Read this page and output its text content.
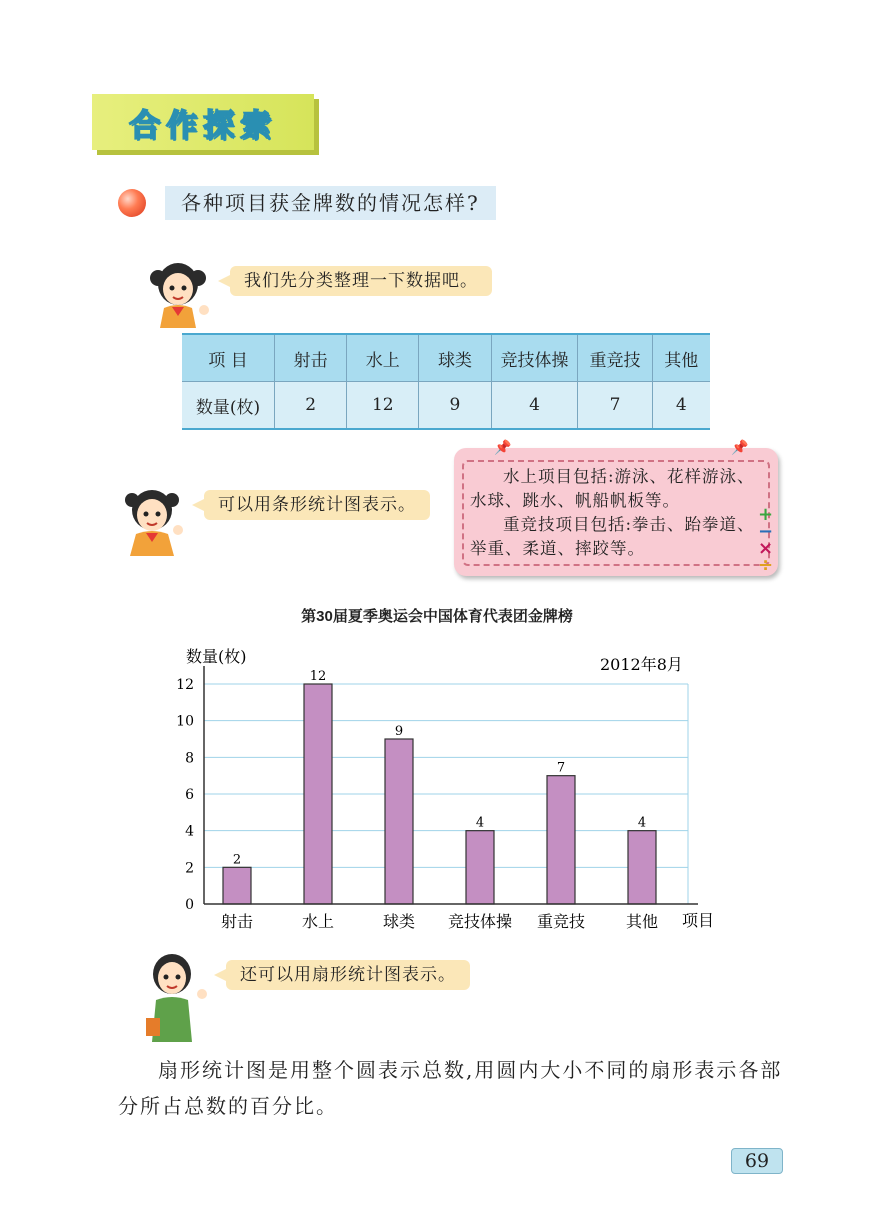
合作探索
各种项目获金牌数的情况怎样?
我们先分类整理一下数据吧。
项 目	射击	水上	球类	竞技体操	重竞技	其他
数量(枚)	2	12	9	4	7	4
可以用条形统计图表示。

水上项目包括:游泳、花样游泳、水球、跳水、帆船帆板等。

重竞技项目包括:拳击、跆拳道、举重、柔道、摔跤等。

📌	📌
+
−
×
÷
第30届夏季奥运会中国体育代表团金牌榜
0
2
4
6
8
10
12
2
射击
12
水上
9
球类
4
竞技体操
7
重竞技
4
其他
数量(枚)	2012年8月
项目
还可以用扇形统计图表示。

扇形统计图是用整个圆表示总数,用圆内大小不同的扇形表示各部分所占总数的百分比。

69
